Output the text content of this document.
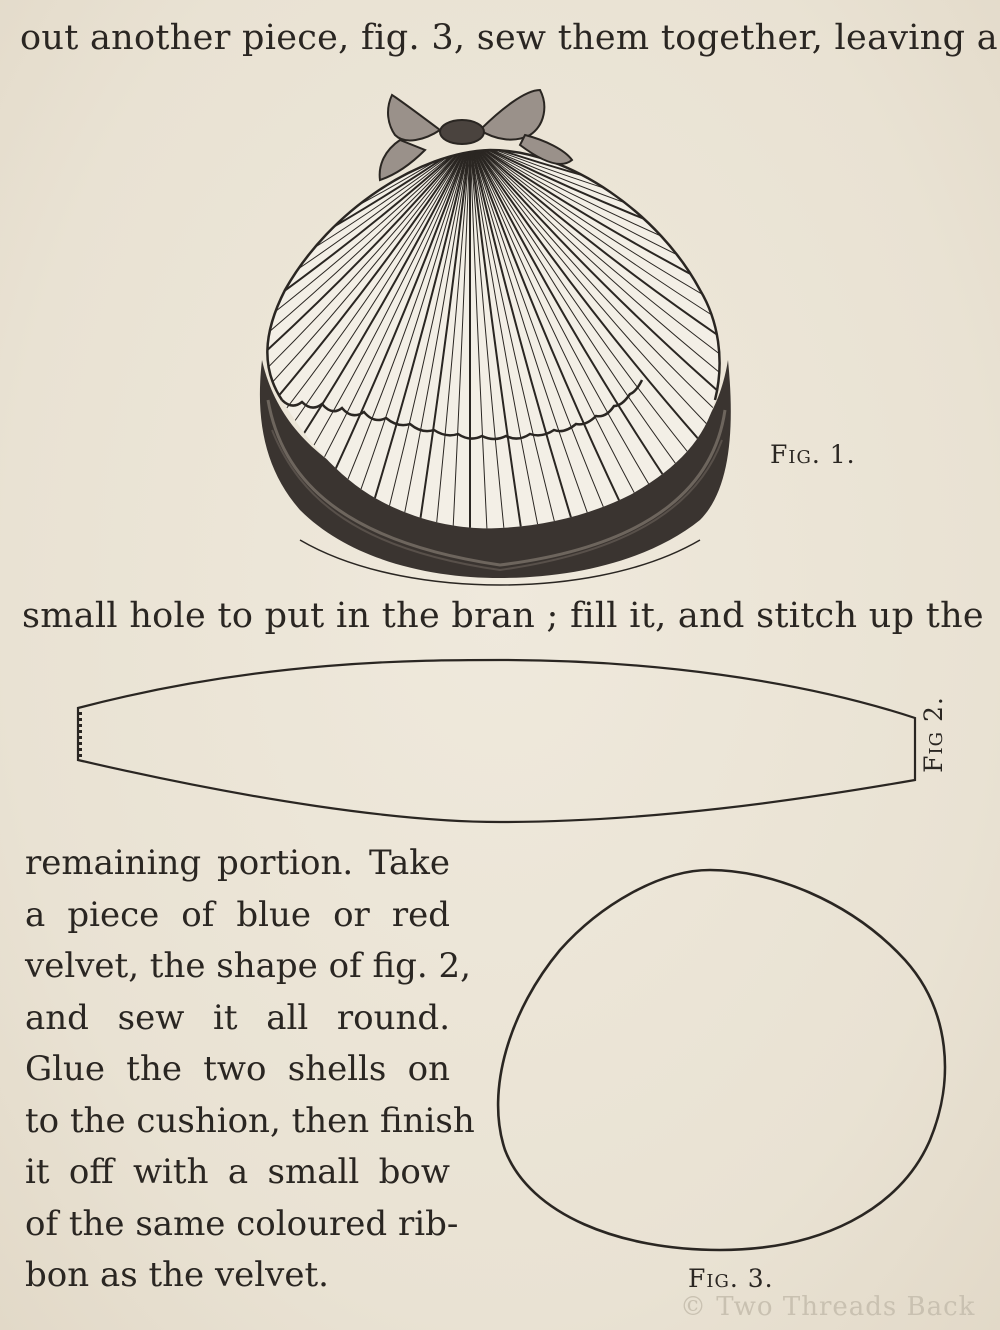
out another piece, fig. 3, sew them together, leaving a
Fig. 1.
small hole to put in the bran ; fill it, and stitch up the
Fig 2.
remaining portion. Take
a piece of blue or red
velvet, the shape of fig. 2,
and sew it all round.
Glue the two shells on
to the cushion, then finish
it off with a small bow
of the same coloured rib-
bon as the velvet.	Fig. 3.
© Two Threads Back
